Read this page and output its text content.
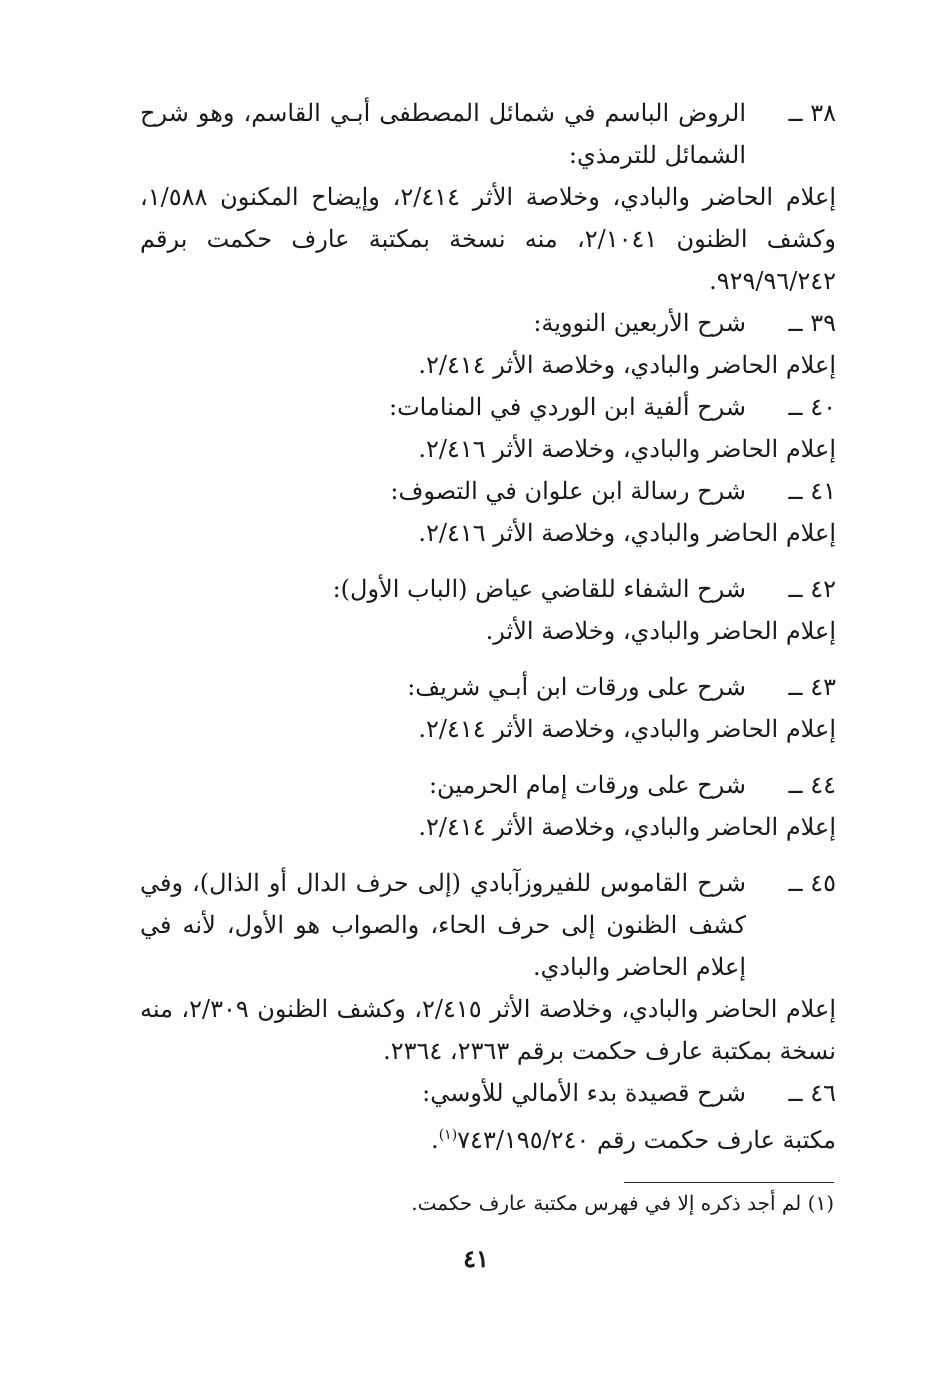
٣٨ ــ
الروض الباسم في شمائل المصطفى أبـي القاسم، وهو شرح الشمائل للترمذي:
إعلام الحاضر والبادي، وخلاصة الأثر ٢/٤١٤، وإيضاح المكنون ١/٥٨٨، وكشف الظنون ٢/١٠٤١، منه نسخة بمكتبة عارف حكمت برقم ٩٢٩/٩٦/٢٤٢.
٣٩ ــ
شرح الأربعين النووية:
إعلام الحاضر والبادي، وخلاصة الأثر ٢/٤١٤.
٤٠ ــ
شرح ألفية ابن الوردي في المنامات:
إعلام الحاضر والبادي، وخلاصة الأثر ٢/٤١٦.
٤١ ــ
شرح رسالة ابن علوان في التصوف:
إعلام الحاضر والبادي، وخلاصة الأثر ٢/٤١٦.
٤٢ ــ
شرح الشفاء للقاضي عياض (الباب الأول):
إعلام الحاضر والبادي، وخلاصة الأثر.
٤٣ ــ
شرح على ورقات ابن أبـي شريف:
إعلام الحاضر والبادي، وخلاصة الأثر ٢/٤١٤.
٤٤ ــ
شرح على ورقات إمام الحرمين:
إعلام الحاضر والبادي، وخلاصة الأثر ٢/٤١٤.
٤٥ ــ
شرح القاموس للفيروزآبادي (إلى حرف الدال أو الذال)، وفي كشف الظنون إلى حرف الحاء، والصواب هو الأول، لأنه في إعلام الحاضر والبادي.
إعلام الحاضر والبادي، وخلاصة الأثر ٢/٤١٥، وكشف الظنون ٢/٣٠٩، منه نسخة بمكتبة عارف حكمت برقم ٢٣٦٣، ٢٣٦٤.
٤٦ ــ
شرح قصيدة بدء الأمالي للأوسي:
مكتبة عارف حكمت رقم ٧٤٣/١٩٥/٢٤٠$^{(١)}$.
(١) لم أجد ذكره إلا في فهرس مكتبة عارف حكمت.
٤١
